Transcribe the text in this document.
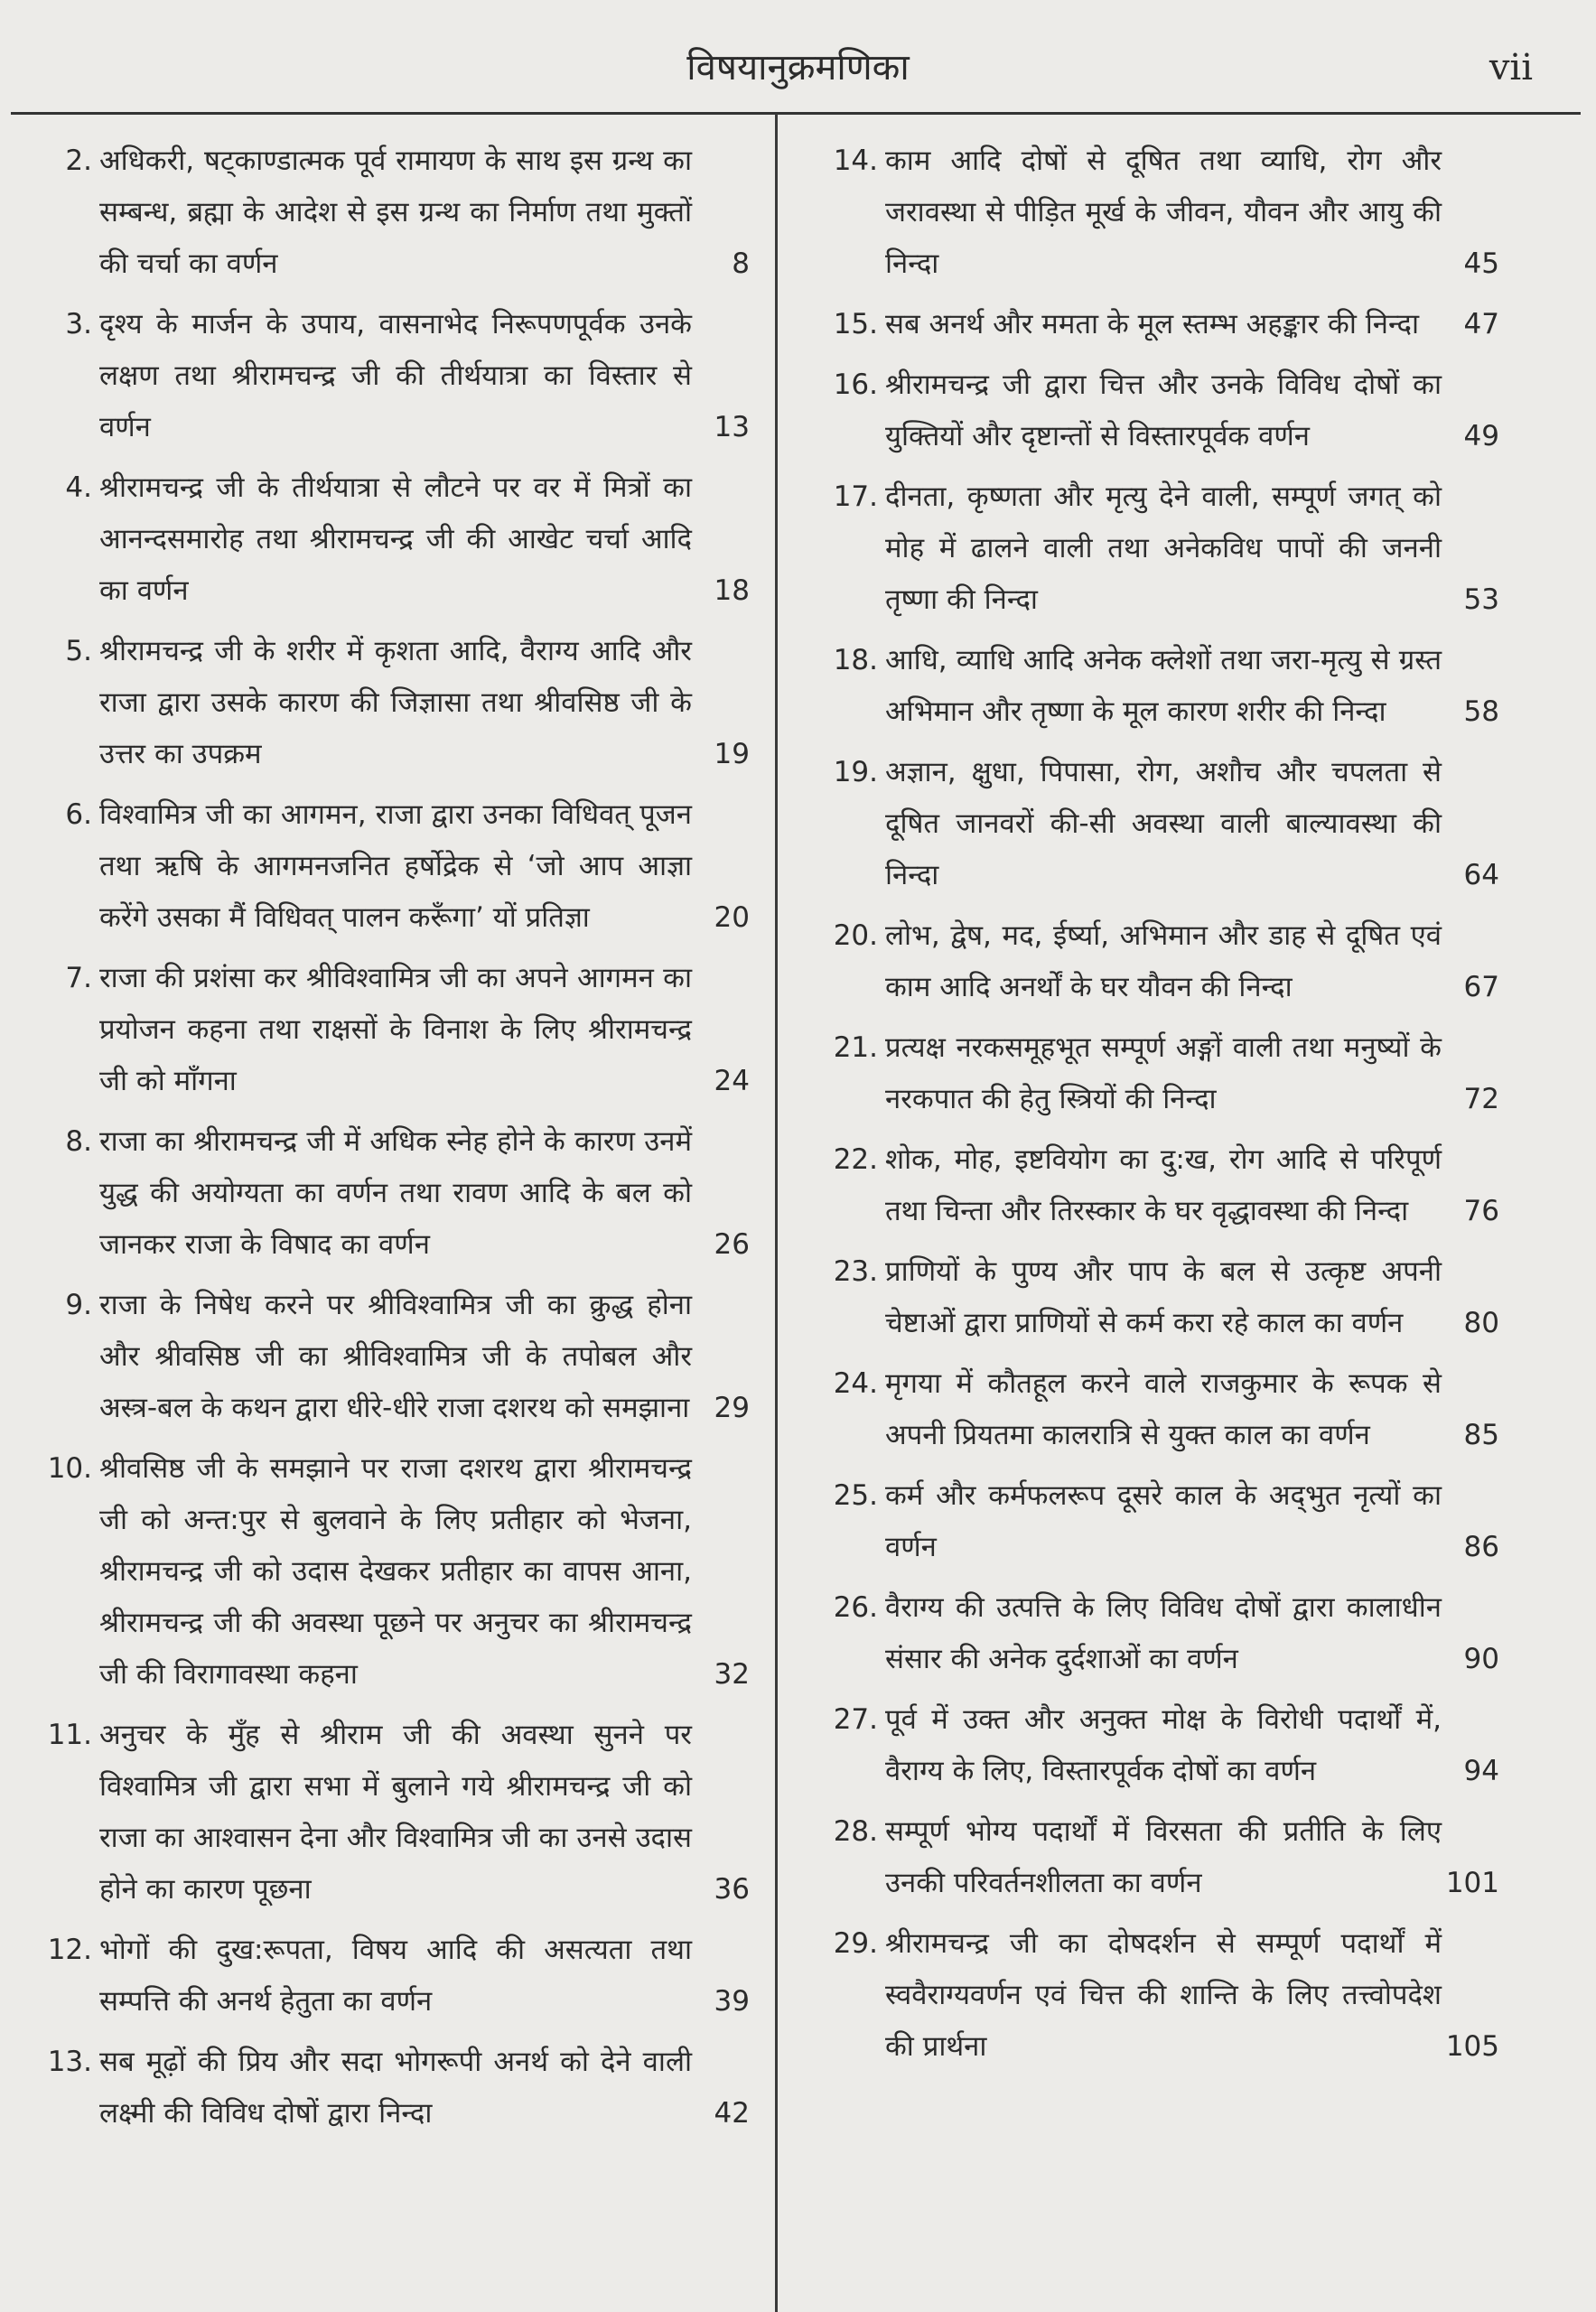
विषयानुक्रमणिका	vii
2. अधिकरी, षट्‌काण्डात्मक पूर्व रामायण के साथ इस ग्रन्थ का सम्बन्ध, ब्रह्मा के आदेश से इस ग्रन्थ का निर्माण तथा मुक्तों की चर्चा का वर्णन	8
3. दृश्य के मार्जन के उपाय, वासनाभेद निरूपणपूर्वक उनके लक्षण तथा श्रीरामचन्द्र जी की तीर्थयात्रा का विस्तार से वर्णन	13
4. श्रीरामचन्द्र जी के तीर्थयात्रा से लौटने पर वर में मित्रों का आनन्दसमारोह तथा श्रीरामचन्द्र जी की आखेट चर्चा आदि का वर्णन	18
5. श्रीरामचन्द्र जी के शरीर में कृशता आदि, वैराग्य आदि और राजा द्वारा उसके कारण की जिज्ञासा तथा श्रीवसिष्ठ जी के उत्तर का उपक्रम	19
6. विश्वामित्र जी का आगमन, राजा द्वारा उनका विधिवत् पूजन तथा ऋषि के आगमनजनित हर्षोद्रेक से ‘जो आप आज्ञा करेंगे उसका मैं विधिवत् पालन करूँगा’ यों प्रतिज्ञा	20
7. राजा की प्रशंसा कर श्रीविश्वामित्र जी का अपने आगमन का प्रयोजन कहना तथा राक्षसों के विनाश के लिए श्रीरामचन्द्र जी को माँगना	24
8. राजा का श्रीरामचन्द्र जी में अधिक स्नेह होने के कारण उनमें युद्ध की अयोग्यता का वर्णन तथा रावण आदि के बल को जानकर राजा के विषाद का वर्णन	26
9. राजा के निषेध करने पर श्रीविश्वामित्र जी का क्रुद्ध होना और श्रीवसिष्ठ जी का श्रीविश्वामित्र जी के तपोबल और अस्त्र-बल के कथन द्वारा धीरे-धीरे राजा दशरथ को समझाना 29
10. श्रीवसिष्ठ जी के समझाने पर राजा दशरथ द्वारा श्रीरामचन्द्र जी को अन्त:पुर से बुलवाने के लिए प्रतीहार को भेजना, श्रीरामचन्द्र जी को उदास देखकर प्रतीहार का वापस आना, श्रीरामचन्द्र जी की अवस्था पूछने पर अनुचर का श्रीरामचन्द्र जी की विरागावस्था कहना	32
11. अनुचर के मुँह से श्रीराम जी की अवस्था सुनने पर विश्वामित्र जी द्वारा सभा में बुलाने गये श्रीरामचन्द्र जी को राजा का आश्वासन देना और विश्वामित्र जी का उनसे उदास होने का कारण पूछना	36
12. भोगों की दुख:रूपता, विषय आदि की असत्यता तथा सम्पत्ति की अनर्थ हेतुता का वर्णन	39
13. सब मूढ़ों की प्रिय और सदा भोगरूपी अनर्थ को देने वाली लक्ष्मी की विविध दोषों द्वारा निन्दा	42
14. काम आदि दोषों से दूषित तथा व्याधि, रोग और जरावस्था से पीड़ित मूर्ख के जीवन, यौवन और आयु की निन्दा	45
15. सब अनर्थ और ममता के मूल स्तम्भ अहङ्कार की निन्दा	47
16. श्रीरामचन्द्र जी द्वारा चित्त और उनके विविध दोषों का युक्तियों और दृष्टान्तों से विस्तारपूर्वक वर्णन	49
17. दीनता, कृष्णता और मृत्यु देने वाली, सम्पूर्ण जगत् को मोह में ढालने वाली तथा अनेकविध पापों की जननी तृष्णा की निन्दा	53
18. आधि, व्याधि आदि अनेक क्लेशों तथा जरा-मृत्यु से ग्रस्त अभिमान और तृष्णा के मूल कारण शरीर की निन्दा	58
19. अज्ञान, क्षुधा, पिपासा, रोग, अशौच और चपलता से दूषित जानवरों की-सी अवस्था वाली बाल्यावस्था की निन्दा	64
20. लोभ, द्वेष, मद, ईर्ष्या, अभिमान और डाह से दूषित एवं काम आदि अनर्थों के घर यौवन की निन्दा	67
21. प्रत्यक्ष नरकसमूहभूत सम्पूर्ण अङ्गों वाली तथा मनुष्यों के नरकपात की हेतु स्त्रियों की निन्दा	72
22. शोक, मोह, इष्टवियोग का दु:ख, रोग आदि से परिपूर्ण तथा चिन्ता और तिरस्कार के घर वृद्धावस्था की निन्दा	76
23. प्राणियों के पुण्य और पाप के बल से उत्कृष्ट अपनी चेष्टाओं द्वारा प्राणियों से कर्म करा रहे काल का वर्णन	80
24. मृगया में कौतहूल करने वाले राजकुमार के रूपक से अपनी प्रियतमा कालरात्रि से युक्त काल का वर्णन	85
25. कर्म और कर्मफलरूप दूसरे काल के अद्‌भुत नृत्यों का वर्णन	86
26. वैराग्य की उत्पत्ति के लिए विविध दोषों द्वारा कालाधीन संसार की अनेक दुर्दशाओं का वर्णन	90
27. पूर्व में उक्त और अनुक्त मोक्ष के विरोधी पदार्थों में, वैराग्य के लिए, विस्तारपूर्वक दोषों का वर्णन	94
28. सम्पूर्ण भोग्य पदार्थों में विरसता की प्रतीति के लिए उनकी परिवर्तनशीलता का वर्णन	101
29. श्रीरामचन्द्र जी का दोषदर्शन से सम्पूर्ण पदार्थों में स्ववैराग्यवर्णन एवं चित्त की शान्ति के लिए तत्त्वोपदेश की प्रार्थना	105
